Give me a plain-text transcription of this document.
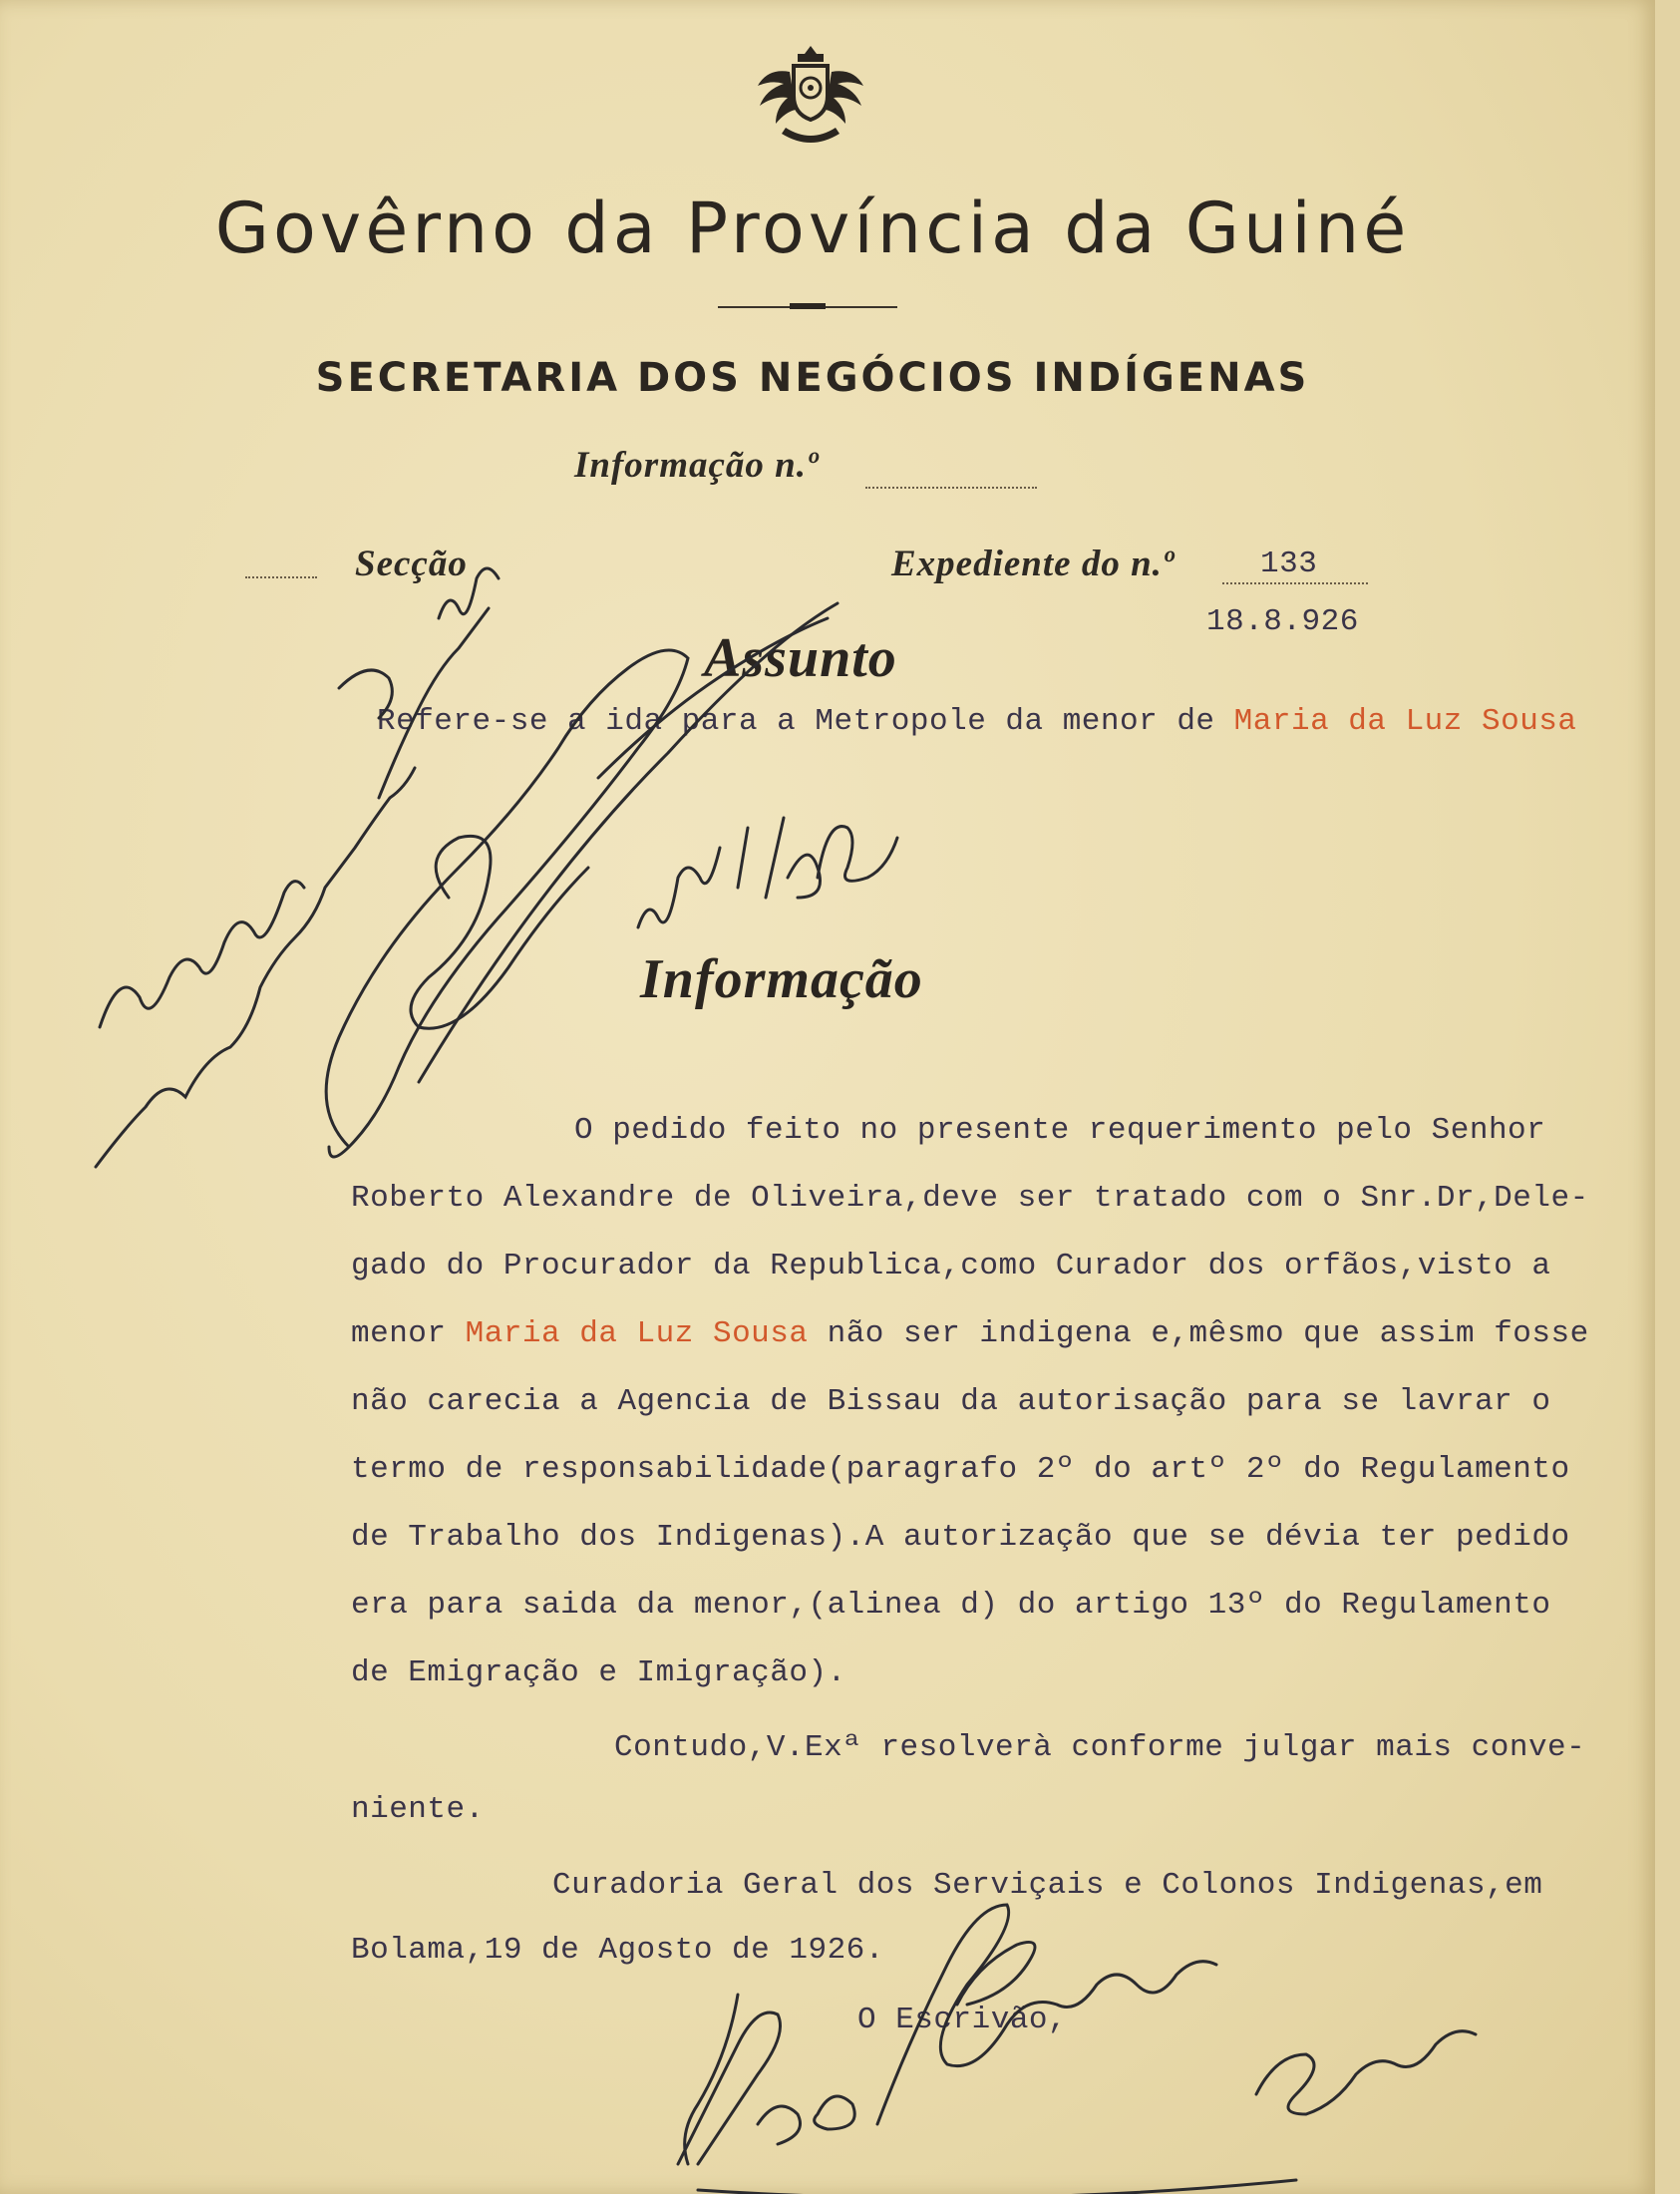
Govêrno da Província da Guiné
SECRETARIA DOS NEGÓCIOS INDÍGENAS
Informação n.º
Secção	Expediente do n.º	133
18.8.926
Assunto

Refere-se a ida para a Metropole da menor de Maria da Luz Sousa

Informação

O pedido feito no presente requerimento pelo Senhor

Roberto Alexandre de Oliveira,deve ser tratado com o Snr.Dr,Dele-

gado do Procurador da Republica,como Curador dos orfãos,visto a

menor Maria da Luz Sousa não ser indigena e,mêsmo que assim fosse

não carecia a Agencia de Bissau da autorisação para se lavrar o

termo de responsabilidade(paragrafo 2º do artº 2º do Regulamento

de Trabalho dos Indigenas).A autorização que se dévia ter pedido

era para saida da menor,(alinea d) do artigo 13º do Regulamento

de Emigração e Imigração).

Contudo,V.Exª resolverà conforme julgar mais conve-

niente.

Curadoria Geral dos Serviçais e Colonos Indigenas,em

Bolama,19 de Agosto de 1926.

O Escrivão,
